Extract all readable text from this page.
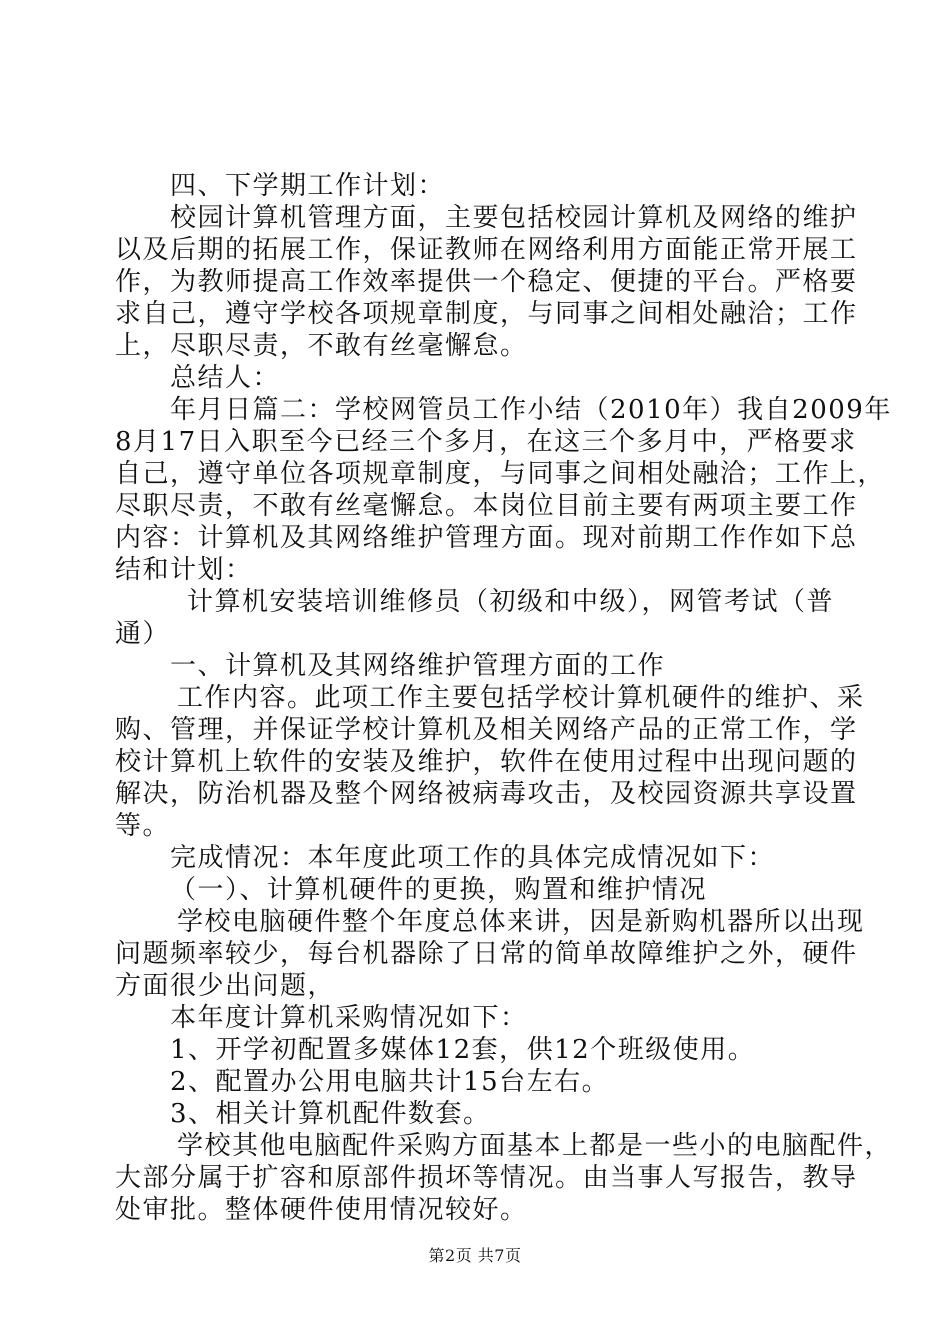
四、下学期工作计划：
校园计算机管理方面，主要包括校园计算机及网络的维护
以及后期的拓展工作，保证教师在网络利用方面能正常开展工
作，为教师提高工作效率提供一个稳定、便捷的平台。严格要
求自己，遵守学校各项规章制度，与同事之间相处融洽；工作
上，尽职尽责，不敢有丝毫懈怠。
总结人：
年月日篇二：学校网管员工作小结（2010年）我自2009年
8月17日入职至今已经三个多月，在这三个多月中，严格要求
自己，遵守单位各项规章制度，与同事之间相处融洽；工作上，
尽职尽责，不敢有丝毫懈怠。本岗位目前主要有两项主要工作
内容：计算机及其网络维护管理方面。现对前期工作作如下总
结和计划：
计算机安装培训维修员（初级和中级），网管考试（普
通）
一、计算机及其网络维护管理方面的工作
工作内容。此项工作主要包括学校计算机硬件的维护、采
购、管理，并保证学校计算机及相关网络产品的正常工作，学
校计算机上软件的安装及维护，软件在使用过程中出现问题的
解决，防治机器及整个网络被病毒攻击，及校园资源共享设置
等。
完成情况：本年度此项工作的具体完成情况如下：
（一）、计算机硬件的更换，购置和维护情况
学校电脑硬件整个年度总体来讲，因是新购机器所以出现
问题频率较少，每台机器除了日常的简单故障维护之外，硬件
方面很少出问题，
本年度计算机采购情况如下：
1、开学初配置多媒体12套，供12个班级使用。
2、配置办公用电脑共计15台左右。
3、相关计算机配件数套。
学校其他电脑配件采购方面基本上都是一些小的电脑配件，
大部分属于扩容和原部件损坏等情况。由当事人写报告，教导
处审批。整体硬件使用情况较好。
第2页 共7页
